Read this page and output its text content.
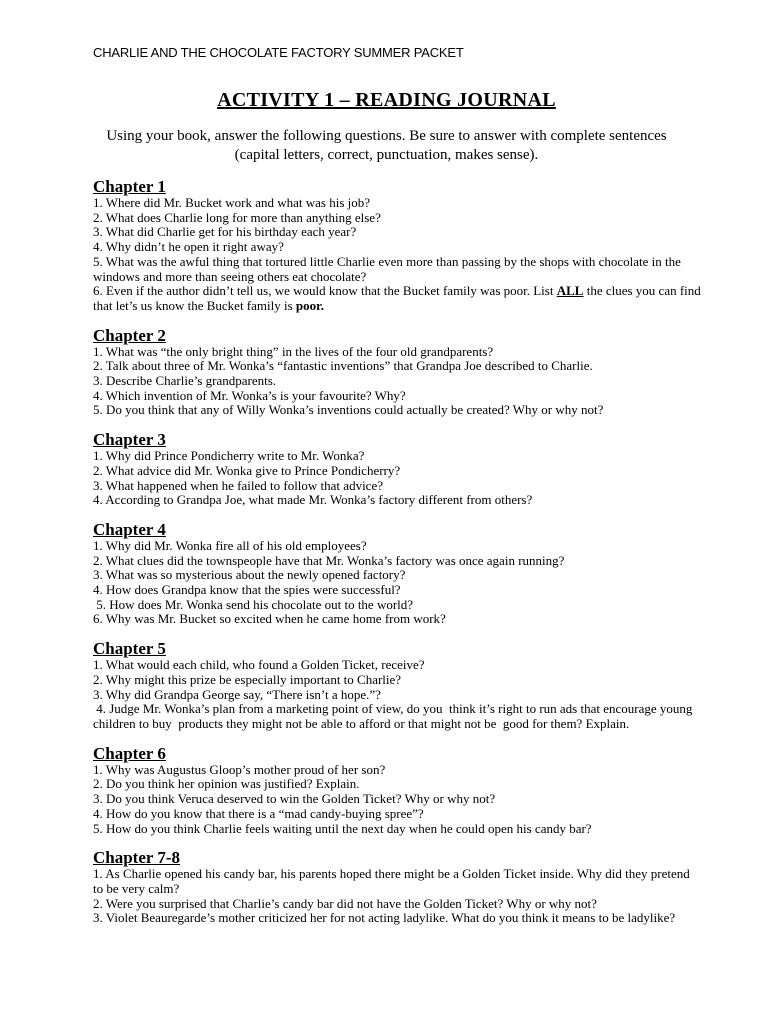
CHARLIE AND THE CHOCOLATE FACTORY SUMMER PACKET
ACTIVITY 1 – READING JOURNAL

Using your book, answer the following questions. Be sure to answer with complete sentences
(capital letters, correct, punctuation, makes sense).

Chapter 1

1. Where did Mr. Bucket work and what was his job?

2. What does Charlie long for more than anything else?

3. What did Charlie get for his birthday each year?

4. Why didn’t he open it right away?

5. What was the awful thing that tortured little Charlie even more than passing by the shops with chocolate in the windows and more than seeing others eat chocolate?

6. Even if the author didn’t tell us, we would know that the Bucket family was poor. List ALL the clues you can find that let’s us know the Bucket family is poor.

Chapter 2

1. What was “the only bright thing” in the lives of the four old grandparents?

2. Talk about three of Mr. Wonka’s “fantastic inventions” that Grandpa Joe described to Charlie.

3. Describe Charlie’s grandparents.

4. Which invention of Mr. Wonka’s is your favourite? Why?

5. Do you think that any of Willy Wonka’s inventions could actually be created? Why or why not?

Chapter 3

1. Why did Prince Pondicherry write to Mr. Wonka?

2. What advice did Mr. Wonka give to Prince Pondicherry?

3. What happened when he failed to follow that advice?

4. According to Grandpa Joe, what made Mr. Wonka’s factory different from others?

Chapter 4

1. Why did Mr. Wonka fire all of his old employees?

2. What clues did the townspeople have that Mr. Wonka’s factory was once again running?

3. What was so mysterious about the newly opened factory?

4. How does Grandpa know that the spies were successful?

5. How does Mr. Wonka send his chocolate out to the world?

6. Why was Mr. Bucket so excited when he came home from work?

Chapter 5

1. What would each child, who found a Golden Ticket, receive?

2. Why might this prize be especially important to Charlie?

3. Why did Grandpa George say, “There isn’t a hope.”?

4. Judge Mr. Wonka’s plan from a marketing point of view, do you  think it’s right to run ads that encourage young children to buy  products they might not be able to afford or that might not be  good for them? Explain.

Chapter 6

1. Why was Augustus Gloop’s mother proud of her son?

2. Do you think her opinion was justified? Explain.

3. Do you think Veruca deserved to win the Golden Ticket? Why or why not?

4. How do you know that there is a “mad candy-buying spree”?

5. How do you think Charlie feels waiting until the next day when he could open his candy bar?

Chapter 7-8

1. As Charlie opened his candy bar, his parents hoped there might be a Golden Ticket inside. Why did they pretend to be very calm?

2. Were you surprised that Charlie’s candy bar did not have the Golden Ticket? Why or why not?

3. Violet Beauregarde’s mother criticized her for not acting ladylike. What do you think it means to be ladylike?
